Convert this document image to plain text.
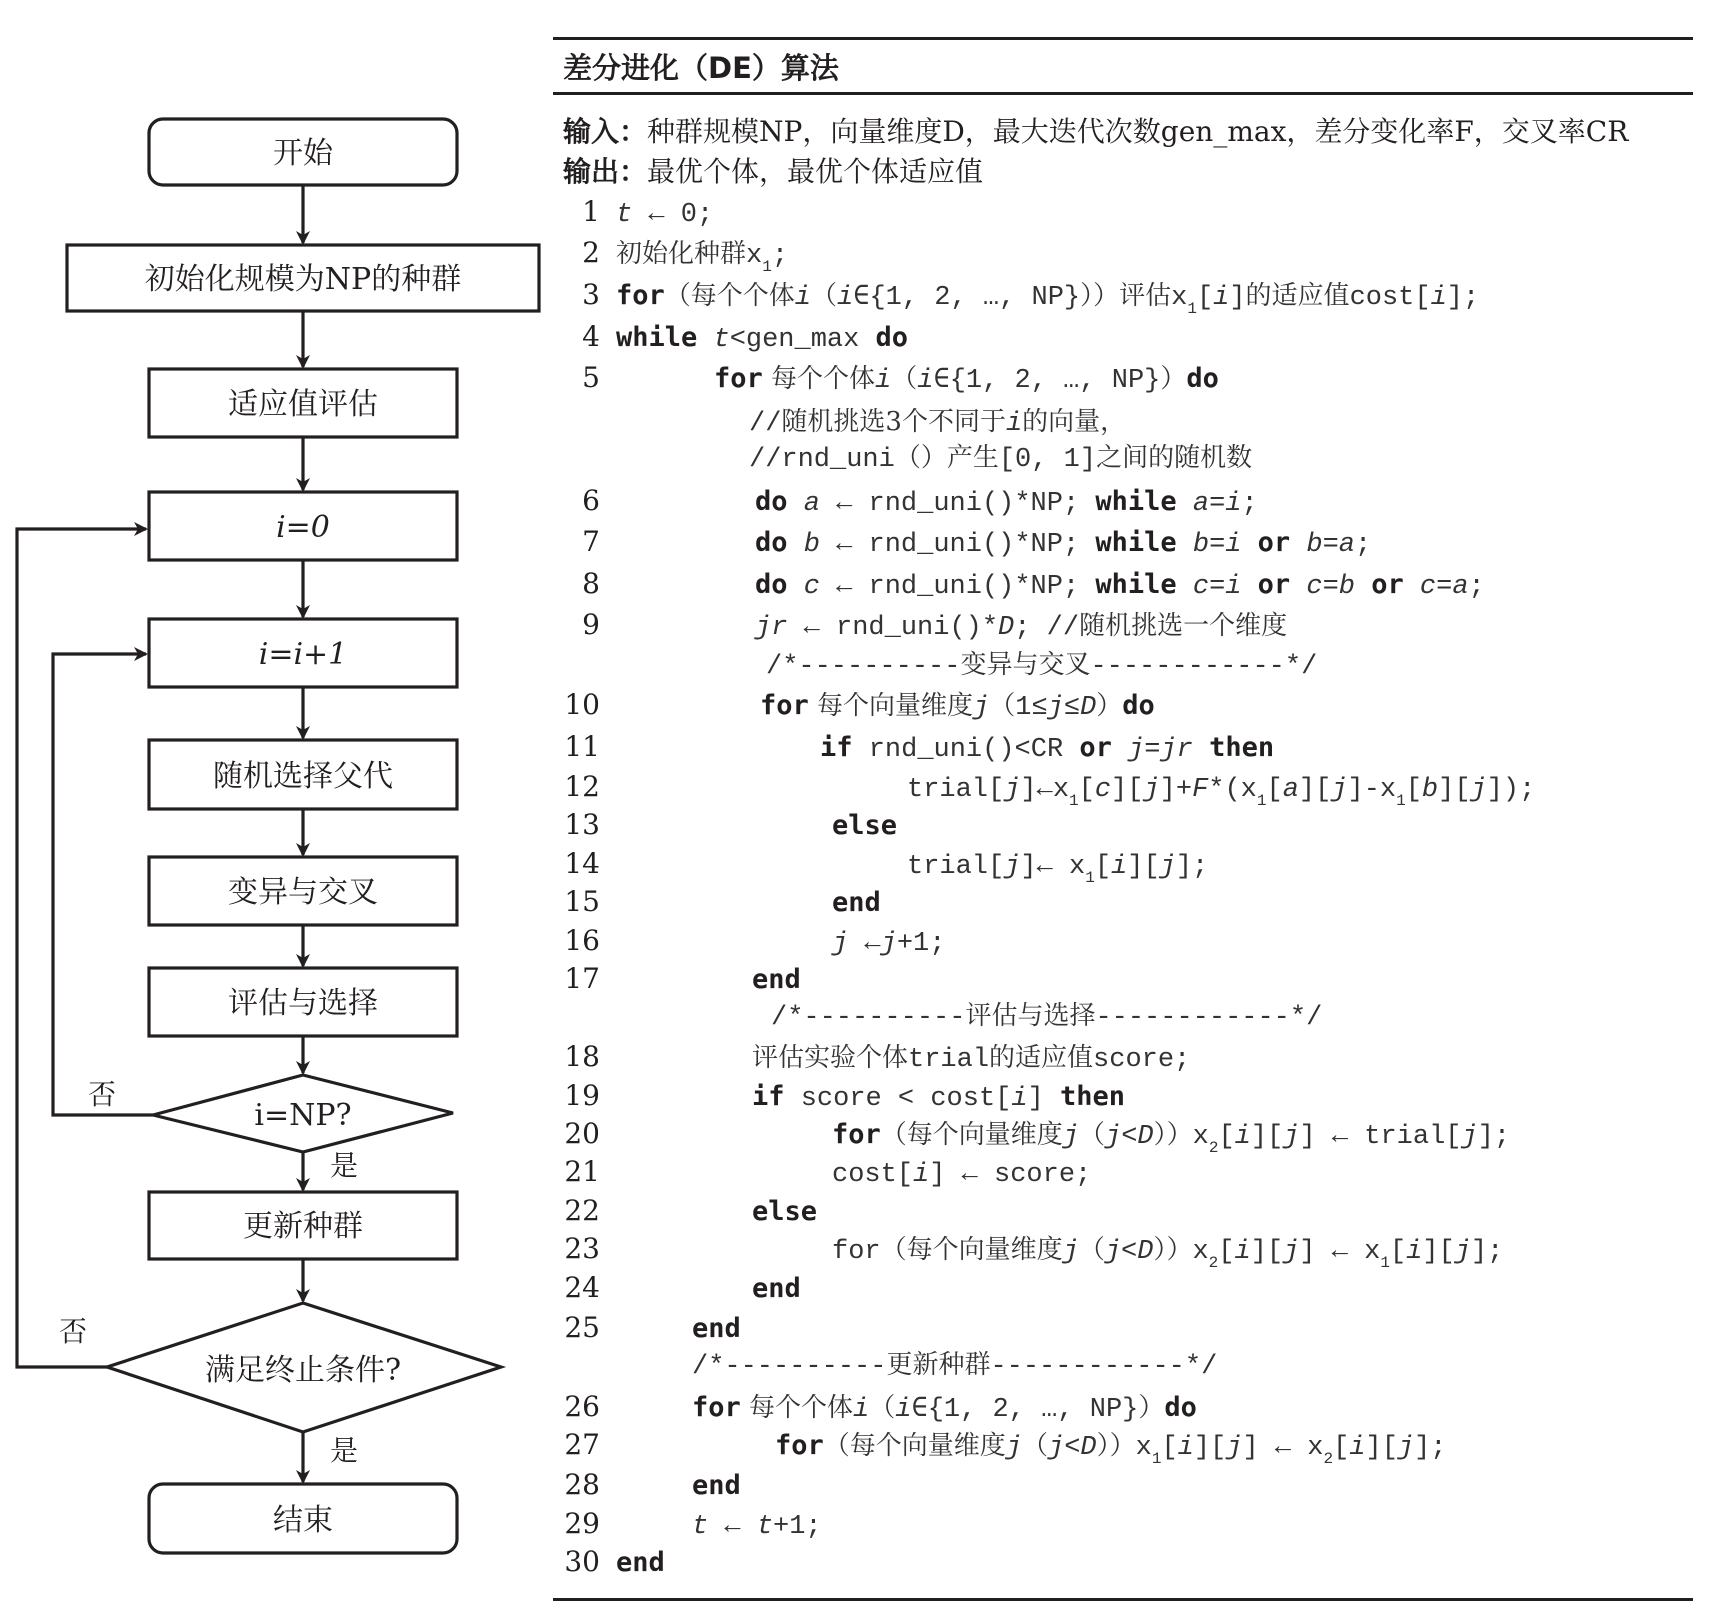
开始
初始化规模为NP的种群
适应值评估
i=0
i=i+1
随机选择父代
变异与交叉
评估与选择
i=NP?
更新种群
满足终止条件?
结束
否
是
否
是
差分进化（DE）算法
输入：种群规模NP，向量维度D，最大迭代次数gen_max，差分变化率F，交叉率CR
输出：最优个体，最优个体适应值
1 t ← 0;
2 初始化种群$x_1$;
3 for（每个个体i（i∈{1, 2, …, NP}））评估$x_1[i]$的适应值cost[i];
4 while t<gen_max do
5	for 每个个体i（i∈{1, 2, …, NP}）do
//随机挑选3个不同于i的向量，
//rnd_uni（）产生[0, 1]之间的随机数
6	do a ← rnd_uni()*NP; while a=i;
7	do b ← rnd_uni()*NP; while b=i or b=a;
8	do c ← rnd_uni()*NP; while c=i or c=b or c=a;
9	jr ← rnd_uni()*D; //随机挑选一个维度
/*----------变异与交叉------------*/
10	for 每个向量维度j（1≤j≤D）do
11	if rnd_uni()<CR or j=jr then
12	$trial[j]\leftarrow x_1[c][j]+F*(x_1[a][j]-x_1[b][j])$;
13	else
14	trial[j]← $x_1[i][j]$;
15	end
16	j ←j+1;
17	end
/*----------评估与选择------------*/
18	评估实验个体trial的适应值score;
19	if score < cost[i] then
20	for（每个向量维度$j(j<D))x_2[i][j]$ ← trial[j];
21	cost[i] ← score;
22	else
23	for（每个向量维度$j(j<D))x_2[i][j]$ ← $x_1[i][j]$;
24	end
25	end
/*----------更新种群------------*/
26	for 每个个体i（i∈{1, 2, …, NP}）do
27	for（每个向量维度$j(j<D))x_1[i][j]$ ← $x_2[i][j]$;
28	end
29	t ← t+1;
30 end
